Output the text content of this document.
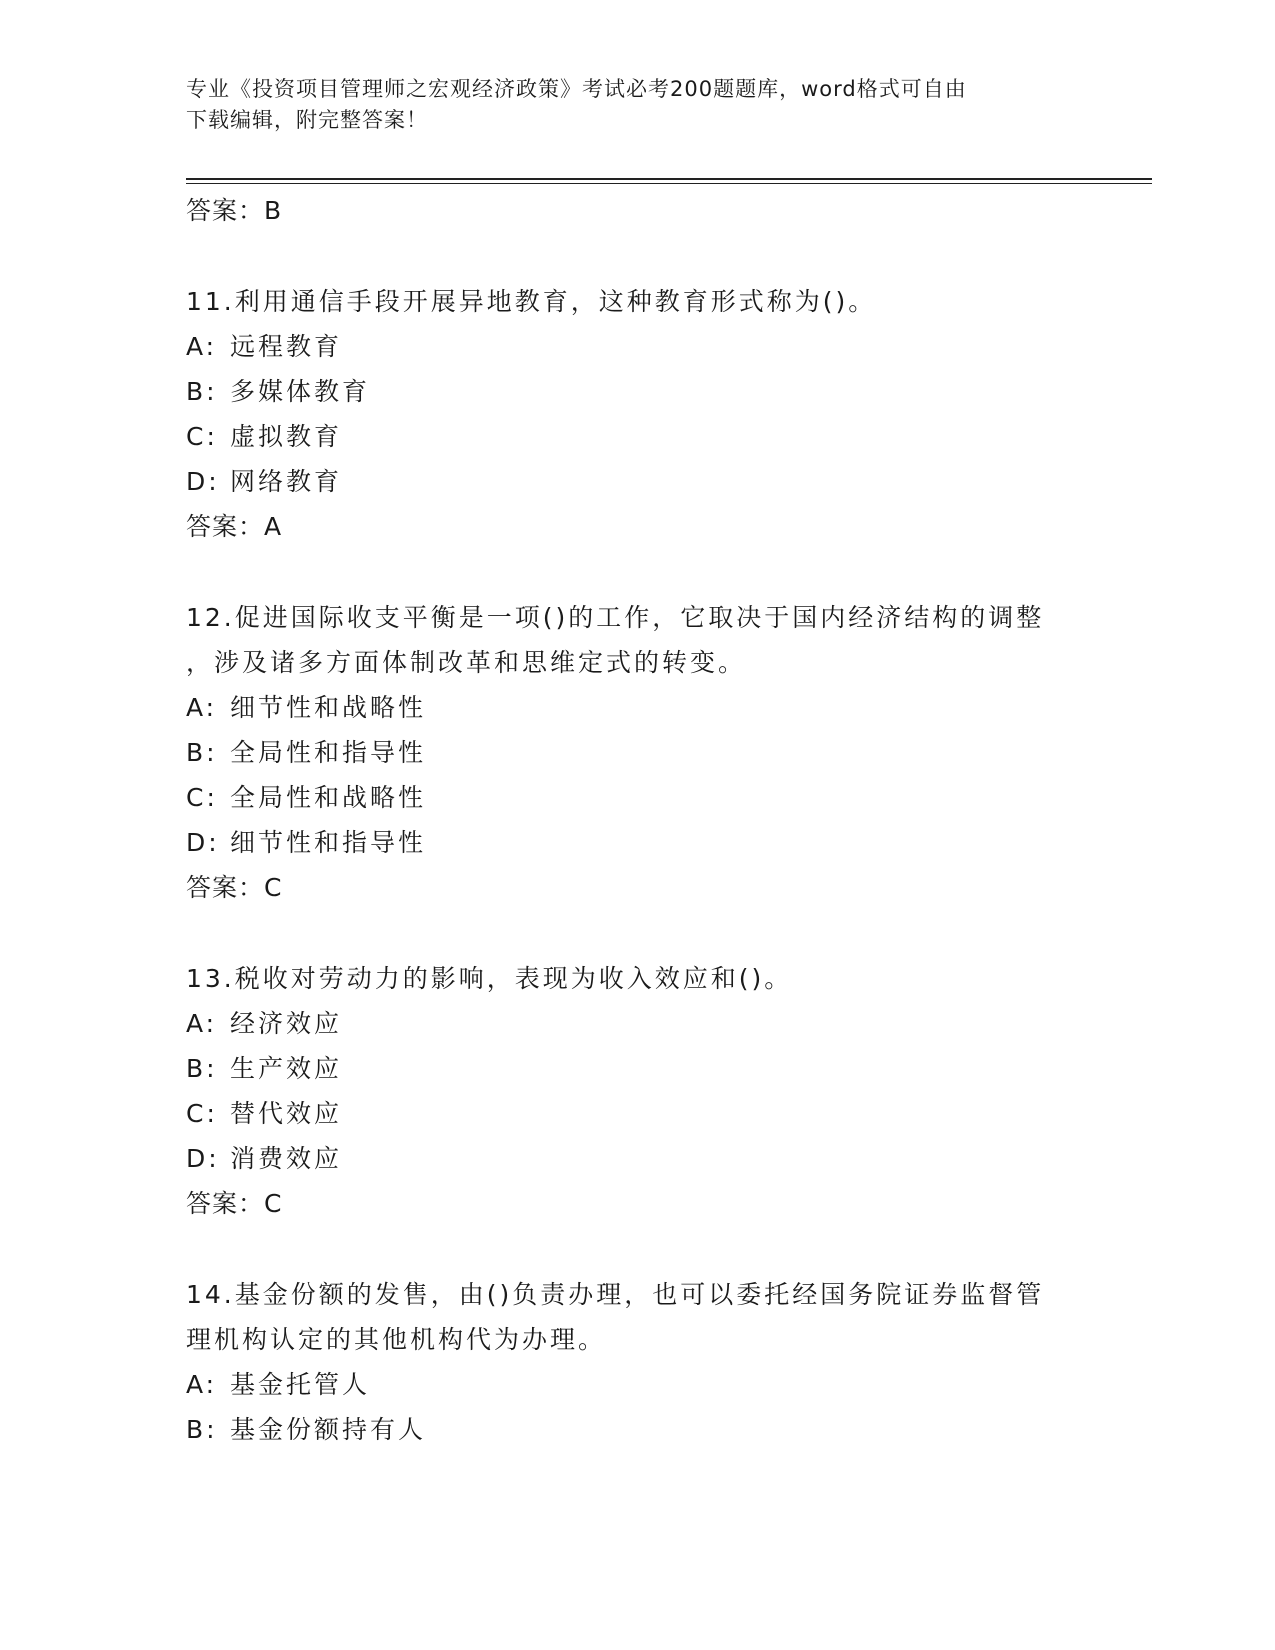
专业《投资项目管理师之宏观经济政策》考试必考200题题库，word格式可自由
下载编辑，附完整答案！
答案：B
11.利用通信手段开展异地教育，这种教育形式称为()。
A: 远程教育
B: 多媒体教育
C: 虚拟教育
D: 网络教育
答案：A
12.促进国际收支平衡是一项()的工作，它取决于国内经济结构的调整
，涉及诸多方面体制改革和思维定式的转变。
A: 细节性和战略性
B: 全局性和指导性
C: 全局性和战略性
D: 细节性和指导性
答案：C
13.税收对劳动力的影响，表现为收入效应和()。
A: 经济效应
B: 生产效应
C: 替代效应
D: 消费效应
答案：C
14.基金份额的发售，由()负责办理，也可以委托经国务院证券监督管
理机构认定的其他机构代为办理。
A: 基金托管人
B: 基金份额持有人
